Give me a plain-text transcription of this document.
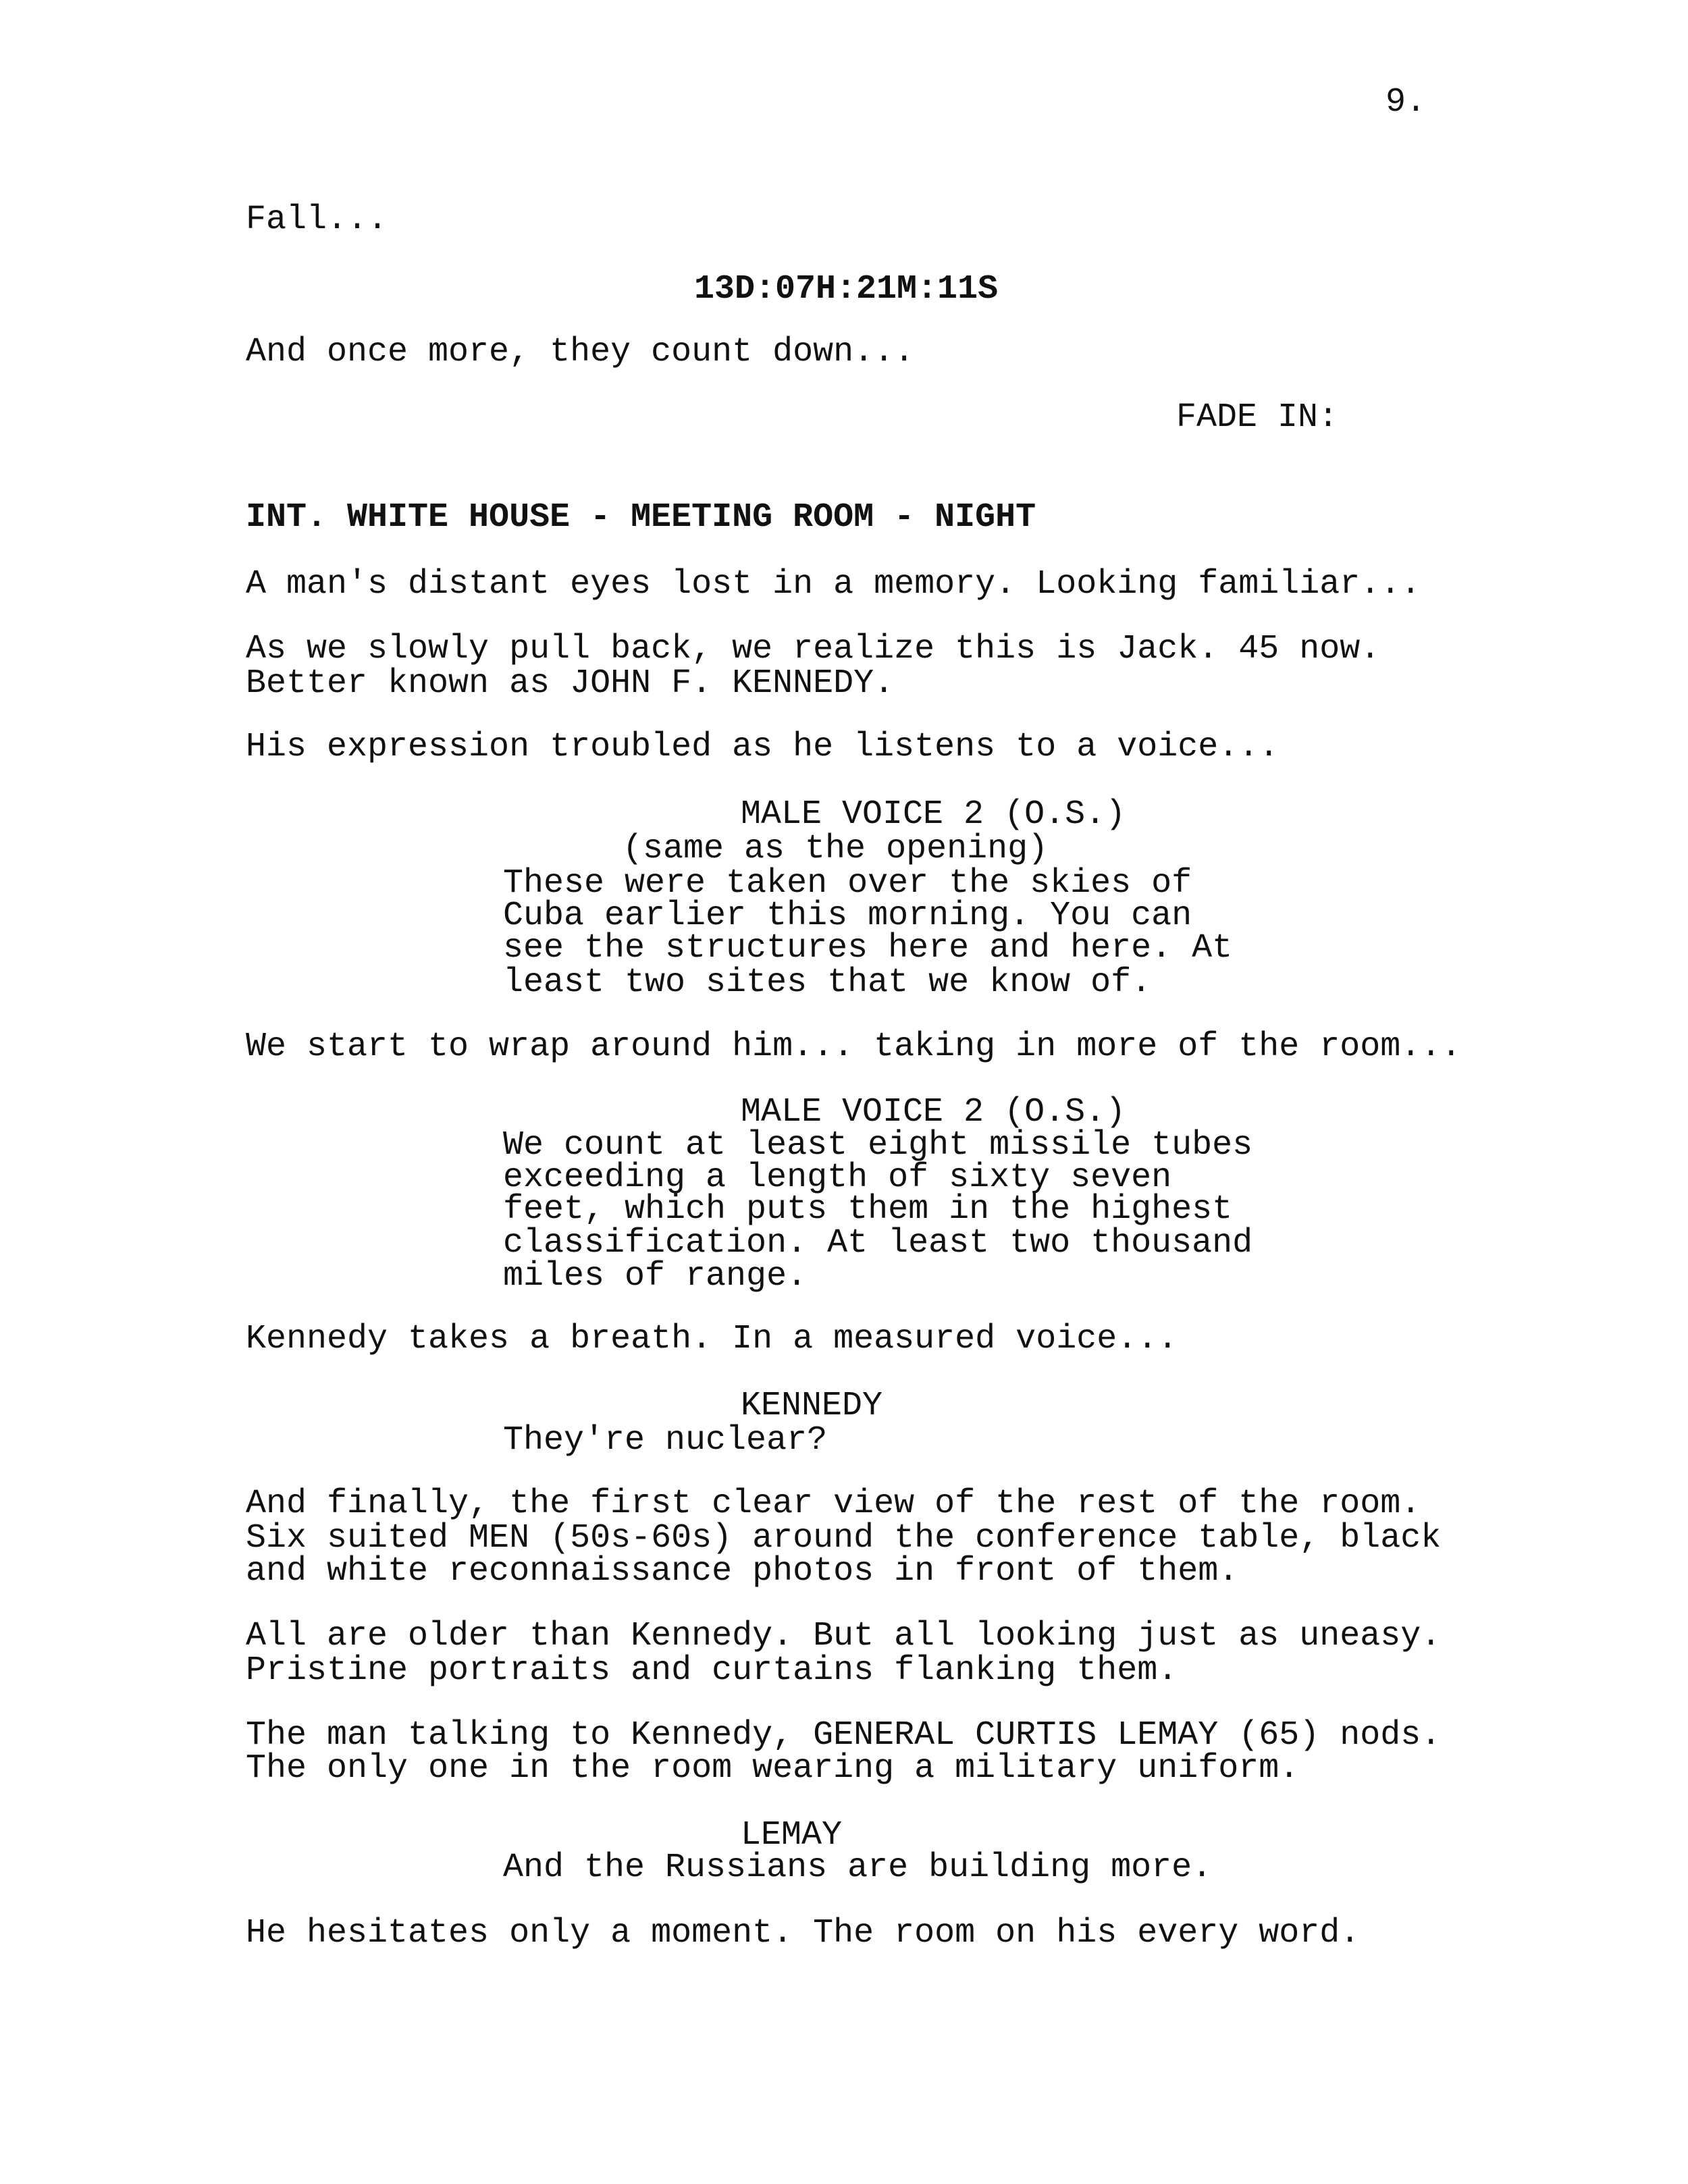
9.
Fall...
13D:07H:21M:11S
And once more, they count down...
FADE IN:
INT. WHITE HOUSE - MEETING ROOM - NIGHT
A man's distant eyes lost in a memory. Looking familiar...
As we slowly pull back, we realize this is Jack. 45 now.
Better known as JOHN F. KENNEDY.
His expression troubled as he listens to a voice...
MALE VOICE 2 (O.S.)
(same as the opening)
These were taken over the skies of
Cuba earlier this morning. You can
see the structures here and here. At
least two sites that we know of.
We start to wrap around him... taking in more of the room...
MALE VOICE 2 (O.S.)
We count at least eight missile tubes
exceeding a length of sixty seven
feet, which puts them in the highest
classification. At least two thousand
miles of range.
Kennedy takes a breath. In a measured voice...
KENNEDY
They're nuclear?
And finally, the first clear view of the rest of the room.
Six suited MEN (50s-60s) around the conference table, black
and white reconnaissance photos in front of them.
All are older than Kennedy. But all looking just as uneasy.
Pristine portraits and curtains flanking them.
The man talking to Kennedy, GENERAL CURTIS LEMAY (65) nods.
The only one in the room wearing a military uniform.
LEMAY
And the Russians are building more.
He hesitates only a moment. The room on his every word.
